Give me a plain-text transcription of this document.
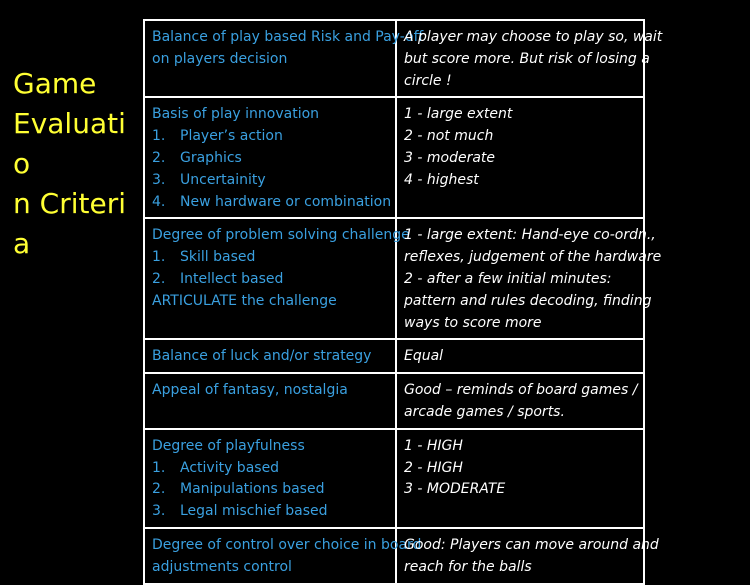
Game
Evaluatio
n Criteria
Balance of play based Risk and Pay-off
on players decision	A player may choose to play so, wait
but score more. But risk of losing a
circle !

Basis of play innovation
1. Player’s action
2. Graphics
3. Uncertainity
4. New hardware or combination	1 - large extent
2 - not much
3 - moderate
4 - highest

Degree of problem solving challenge
1. Skill based
2. Intellect based
ARTICULATE the challenge	1 - large extent: Hand-eye co-ordn.,
reflexes, judgement of the hardware
2 - after a few initial minutes:
pattern and rules decoding, finding
ways to score more

Balance of luck and/or strategy	Equal

Appeal of fantasy, nostalgia	Good – reminds of board games /
arcade games / sports.

Degree of playfulness
1. Activity based
2. Manipulations based
3. Legal mischief based	1 - HIGH
2 - HIGH
3 - MODERATE

Degree of control over choice in board
adjustments control	Good: Players can move around and
reach for the balls
